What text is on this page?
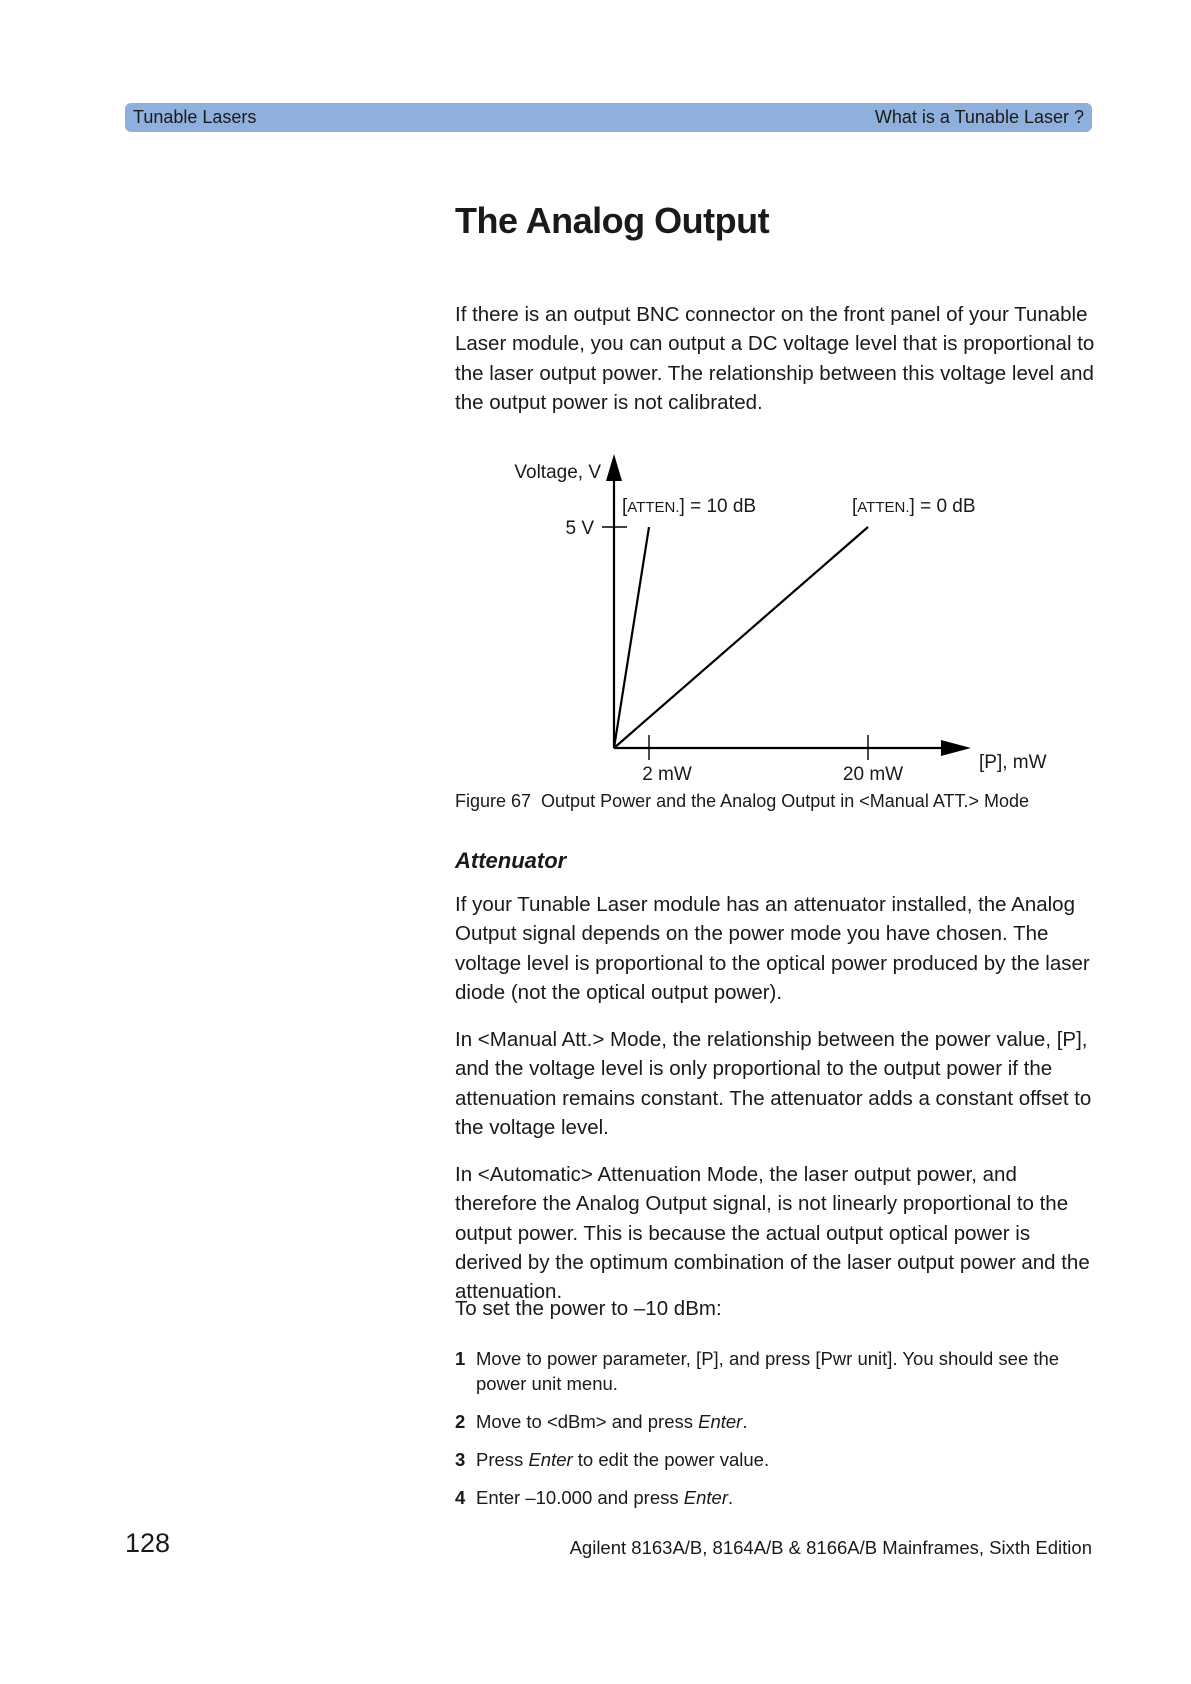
Tunable Lasers	What is a Tunable Laser ?
The Analog Output

If there is an output BNC connector on the front panel of your Tunable Laser module, you can output a DC voltage level that is proportional to the laser output power. The relationship between this voltage level and the output power is not calibrated.

Voltage, V
5 V
[ATTEN.] = 10 dB	[ATTEN.] = 0 dB
2 mW	20 mW
[P], mW
Figure 67 Output Power and the Analog Output in <Manual ATT.> Mode
Attenuator

If your Tunable Laser module has an attenuator installed, the Analog Output signal depends on the power mode you have chosen. The voltage level is proportional to the optical power produced by the laser diode (not the optical output power).

In <Manual Att.> Mode, the relationship between the power value, [P], and the voltage level is only proportional to the output power if the attenuation remains constant. The attenuator adds a constant offset to the voltage level.

In <Automatic> Attenuation Mode, the laser output power, and therefore the Analog Output signal, is not linearly proportional to the output power. This is because the actual output optical power is derived by the optimum combination of the laser output power and the attenuation.

To set the power to –10 dBm:

1 Move to power parameter, [P], and press [Pwr unit]. You should see the power unit menu.
2 Move to <dBm> and press Enter.
3 Press Enter to edit the power value.
4 Enter –10.000 and press Enter.
128	Agilent 8163A/B, 8164A/B & 8166A/B Mainframes, Sixth Edition
